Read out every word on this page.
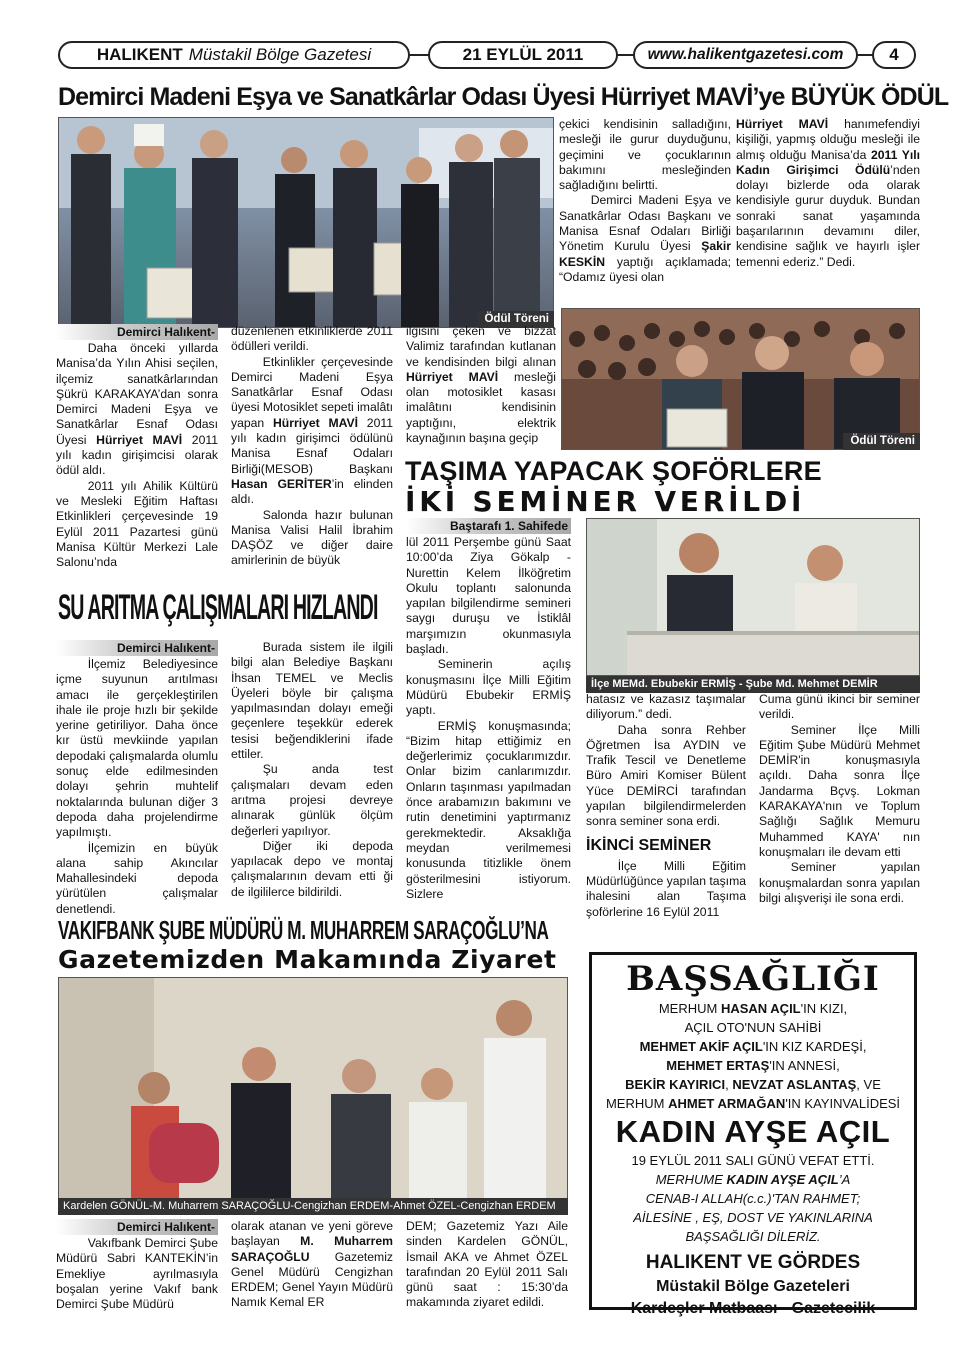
HALIKENT Müstakil Bölge Gazetesi	21 EYLÜL 2011	www.halikentgazetesi.com	4
Demirci Madeni Eşya ve Sanatkârlar Odası Üyesi Hürriyet MAVİ’ye BÜYÜK ÖDÜL

çekici kendisinin salladığını, mesleği ile gurur duyduğunu, geçimini ve çocuklarının bakımını mesleğinden sağladığını belirtti.

Demirci Madeni Eşya ve Sanatkârlar Odası Başkanı ve Manisa Esnaf Odaları Birliği Yönetim Kurulu Üyesi Şakir KESKİN yaptığı açıklamada; “Odamız üyesi olan

Hürriyet MAVİ hanımefendiyi kişiliği, yapmış olduğu mesleği ile almış olduğu Manisa’da 2011 Yılı Kadın Girişimci Ödülü’nden dolayı bizlerde oda olarak kendisiyle gurur duyduk. Bundan sonraki sanat yaşamında başarılarının devamını diler, kendisine sağlık ve hayırlı işler temenni ederiz.” Dedi.

Ödül Töreni
Demirci Halıkent-

Daha önceki yıllarda Manisa’da Yılın Ahisi seçilen, ilçemiz sanatkârlarından Şükrü KARAKAYA’dan sonra Demirci Madeni Eşya ve Sanatkârlar Esnaf Odası Üyesi Hürriyet MAVİ 2011 yılı kadın girişimcisi olarak ödül aldı.

2011 yılı Ahilik Kültürü ve Mesleki Eğitim Haftası Etkinlikleri çerçevesinde 19 Eylül 2011 Pazartesi günü Manisa Kültür Merkezi Lale Salonu’nda

düzenlenen etkinliklerde 2011 ödülleri verildi.

Etkinlikler çerçevesinde Demirci Madeni Eşya Sanatkârlar Esnaf Odası üyesi Motosiklet sepeti imalâtı yapan Hürriyet MAVİ 2011 yılı kadın girişimci ödülünü Manisa Esnaf Odaları Birliği(MESOB) Başkanı Hasan GERİTER’in elinden aldı.

Salonda hazır bulunan Manisa Valisi Halil İbrahim DAŞÖZ ve diğer daire amirlerinin de büyük

ilgisini çeken ve bizzat Valimiz tarafından kutlanan ve kendisinden bilgi alınan Hürriyet MAVİ mesleği olan motosiklet kasası imalâtını kendisinin yaptığını, elektrik kaynağının başına geçip	Ödül Töreni
SU ARITMA ÇALIŞMALARI HIZLANDI
Demirci Halıkent-

İlçemiz Belediyesince içme suyunun arıtılması amacı ile gerçekleştirilen ihale ile proje hızlı bir şekilde yerine getiriliyor. Daha önce kır üstü mevkiinde yapılan depodaki çalışmalarda olumlu sonuç elde edilmesinden dolayı şehrin muhtelif noktalarında bulunan diğer 3 depoda daha projelendirme yapılmıştı.

İlçemizin en büyük alana sahip Akıncılar Mahallesindeki depoda yürütülen çalışmalar denetlendi.

Burada sistem ile ilgili bilgi alan Belediye Başkanı İhsan TEMEL ve Meclis Üyeleri böyle bir çalışma yapılmasından dolayı emeği geçenlere teşekkür ederek tesisi beğendiklerini ifade ettiler.

Şu anda test çalışmaları devam eden arıtma projesi devreye alınarak günlük ölçüm değerleri yapılıyor.

Diğer iki depoda yapılacak depo ve montaj çalışmalarının devam etti ği de ilgililerce bildirildi.

TAŞIMA YAPACAK ŞOFÖRLERE
İKİ SEMİNER VERİLDİ
Baştarafı 1. Sahifede

lül 2011 Perşembe günü Saat 10:00’da Ziya Gökalp - Nurettin Kelem İlköğretim Okulu toplantı salonunda yapılan bilgilendirme semineri saygı duruşu ve İstiklâl marşımızın okunmasıyla başladı.

Seminerin açılış konuşmasını İlçe Milli Eğitim Müdürü Ebubekir ERMİŞ yaptı.

ERMİŞ konuşmasında; “Bizim hitap ettiğimiz en değerlerimiz çocuklarımızdır. Onlar bizim canlarımızdır. Onların taşınması yapılmadan önce arabamızın bakımını ve rutin denetimini yaptırmanız gerekmektedir. Aksaklığa meydan verilmemesi konusunda titizlikle önem gösterilmesini istiyorum. Sizlere

İlçe MEMd. Ebubekir ERMİŞ - Şube Md. Mehmet DEMİR

hatasız ve kazasız taşımalar diliyorum.” dedi.

Daha sonra Rehber Öğretmen İsa AYDIN ve Trafik Tescil ve Denetleme Büro Amiri Komiser Bülent Yüce DEMİRCİ tarafından yapılan bilgilendirmelerden sonra seminer sona erdi.

İKİNCİ SEMİNER

İlçe Milli Eğitim Müdürlüğünce yapılan taşıma ihalesini alan Taşıma şoförlerine 16 Eylül 2011

Cuma günü ikinci bir seminer verildi.

Seminer İlçe Milli Eğitim Şube Müdürü Mehmet DEMİR'in konuşmasıyla açıldı. Daha sonra İlçe Jandarma Bçvş. Lokman KARAKAYA'nın ve Toplum Sağlığı Sağlık Memuru Muhammed KAYA' nın konuşmaları ile devam etti

Seminer yapılan konuşmalardan sonra yapılan bilgi alışverişi ile sona erdi.

VAKIFBANK ŞUBE MÜDÜRÜ M. MUHARREM SARAÇOĞLU’NA
Gazetemizden Makamında Ziyaret
Kardelen GÖNÜL-M. Muharrem SARAÇOĞLU-Cengizhan ERDEM-Ahmet ÖZEL-Cengizhan ERDEM
Demirci Halıkent-

Vakıfbank Demirci Şube Müdürü Sabri KANTEKİN’in Emekliye ayrılmasıyla boşalan yerine Vakıf bank Demirci Şube Müdürü

olarak atanan ve yeni göreve başlayan M. Muharrem SARAÇOĞLU Gazetemiz Genel Müdürü Cengizhan ERDEM; Genel Yayın Müdürü Namık Kemal ER

DEM; Gazetemiz Yazı Aile sinden Kardelen GÖNÜL, İsmail AKA ve Ahmet ÖZEL tarafından 20 Eylül 2011 Salı günü saat : 15:30’da makamında ziyaret edildi.

BAŞSAĞLIĞI
MERHUM HASAN AÇIL'IN KIZI,
AÇIL OTO'NUN SAHİBİ
MEHMET AKİF AÇIL'IN KIZ KARDEŞİ,
MEHMET ERTAŞ'IN ANNESİ,
BEKİR KAYIRICI, NEVZAT ASLANTAŞ, VE
MERHUM AHMET ARMAĞAN'IN KAYINVALİDESİ
KADIN AYŞE AÇIL
19 EYLÜL 2011 SALI GÜNÜ VEFAT ETTİ.
MERHUME KADIN AYŞE AÇIL’A
CENAB-I ALLAH(c.c.)'TAN RAHMET;
AİLESİNE , EŞ, DOST VE YAKINLARINA
BAŞSAĞLIĞI DİLERİZ.
HALIKENT VE GÖRDES
Müstakil Bölge Gazeteleri
Kardeşler Matbaası - Gazetecilik
